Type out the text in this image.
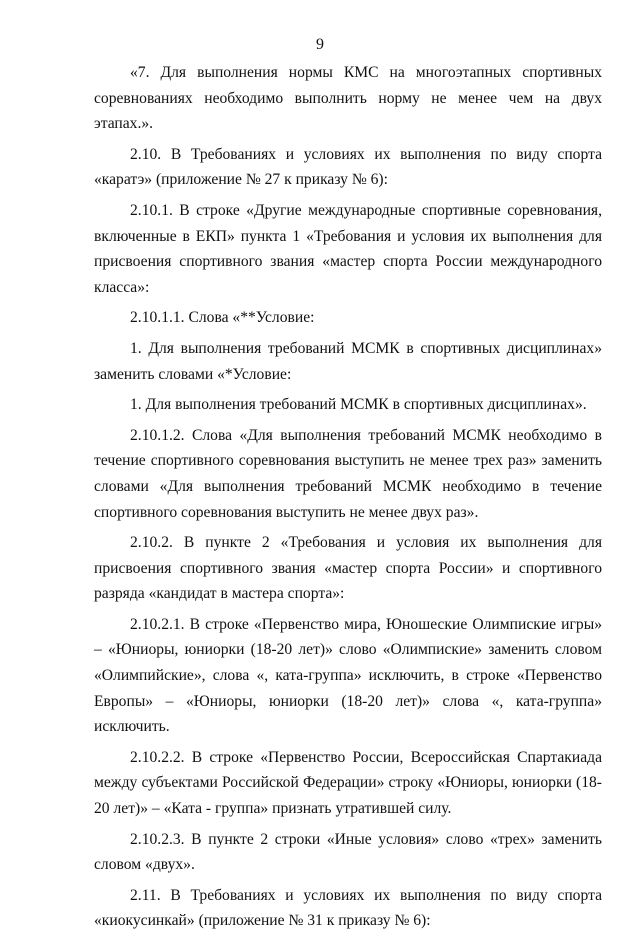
9

«7. Для выполнения нормы КМС на многоэтапных спортивных соревнованиях необходимо выполнить норму не менее чем на двух этапах.».

2.10. В Требованиях и условиях их выполнения по виду спорта «каратэ» (приложение № 27 к приказу № 6):

2.10.1. В строке «Другие международные спортивные соревнования, включенные в ЕКП» пункта 1 «Требования и условия их выполнения для присвоения спортивного звания «мастер спорта России международного класса»:

2.10.1.1. Слова «**Условие:

1. Для выполнения требований МСМК в спортивных дисциплинах» заменить словами «*Условие:

1. Для выполнения требований МСМК в спортивных дисциплинах».

2.10.1.2. Слова «Для выполнения требований МСМК необходимо в течение спортивного соревнования выступить не менее трех раз» заменить словами «Для выполнения требований МСМК необходимо в течение спортивного соревнования выступить не менее двух раз».

2.10.2. В пункте 2 «Требования и условия их выполнения для присвоения спортивного звания «мастер спорта России» и спортивного разряда «кандидат в мастера спорта»:

2.10.2.1. В строке «Первенство мира, Юношеские Олимпиские игры» – «Юниоры, юниорки (18-20 лет)» слово «Олимпиские» заменить словом «Олимпийские», слова «, ката-группа» исключить, в строке «Первенство Европы» – «Юниоры, юниорки (18-20 лет)» слова «, ката-группа» исключить.

2.10.2.2. В строке «Первенство России, Всероссийская Спартакиада между субъектами Российской Федерации» строку «Юниоры, юниорки (18-20 лет)» – «Ката - группа» признать утратившей силу.

2.10.2.3. В пункте 2 строки «Иные условия» слово «трех» заменить словом «двух».

2.11. В Требованиях и условиях их выполнения по виду спорта «киокусинкай» (приложение № 31 к приказу № 6):
